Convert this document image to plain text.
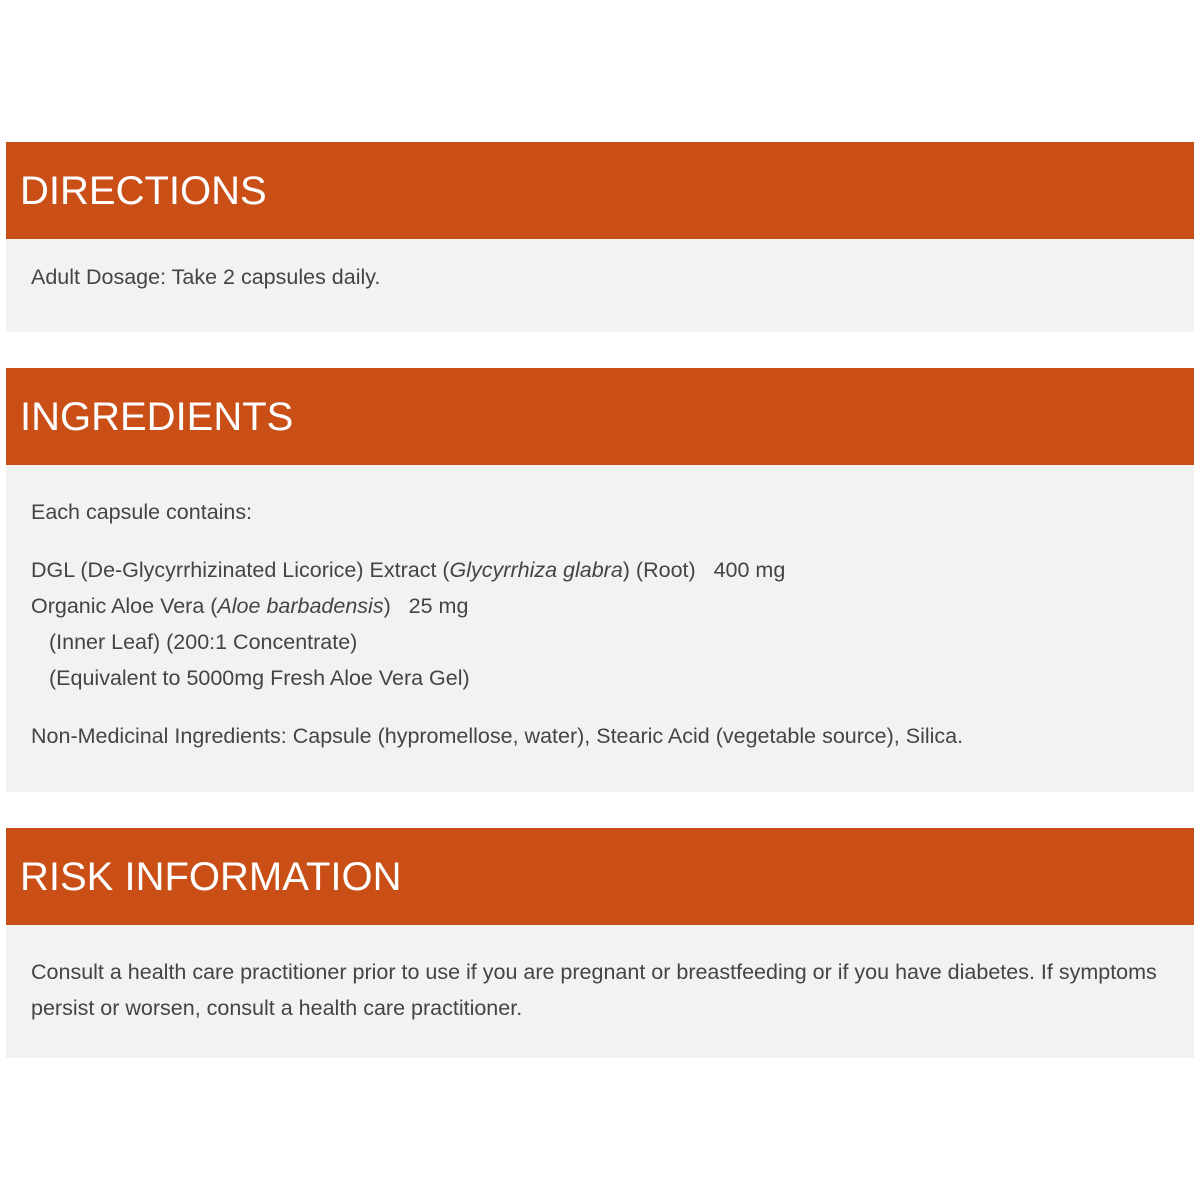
DIRECTIONS

Adult Dosage: Take 2 capsules daily.

INGREDIENTS

Each capsule contains:

DGL (De-Glycyrrhizinated Licorice) Extract (Glycyrrhiza glabra) (Root)   400 mg

Organic Aloe Vera (Aloe barbadensis)   25 mg

(Inner Leaf) (200:1 Concentrate)

(Equivalent to 5000mg Fresh Aloe Vera Gel)

Non-Medicinal Ingredients: Capsule (hypromellose, water), Stearic Acid (vegetable source), Silica.

RISK INFORMATION

Consult a health care practitioner prior to use if you are pregnant or breastfeeding or if you have diabetes. If symptoms persist or worsen, consult a health care practitioner.
